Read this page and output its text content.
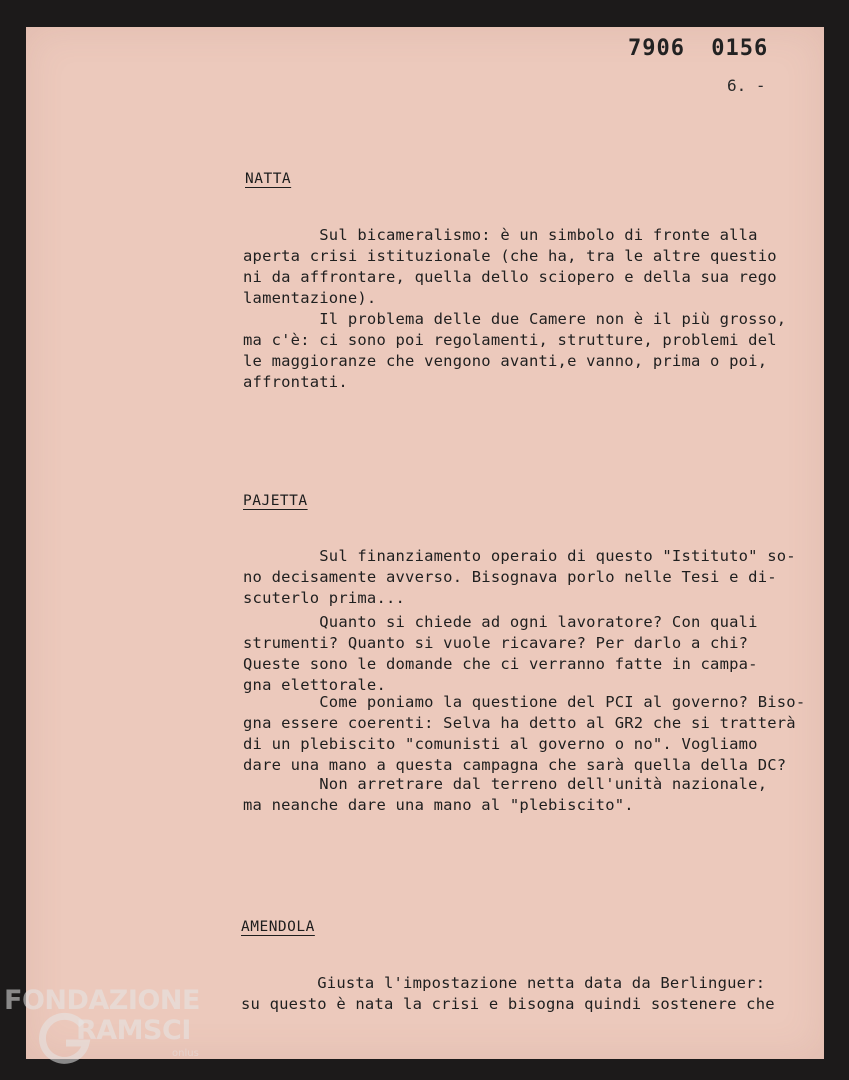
7906 0156
6. -
NATTA
Sul bicameralismo: è un simbolo di fronte alla
aperta crisi istituzionale (che ha, tra le altre questio
ni da affrontare, quella dello sciopero e della sua rego
lamentazione).
Il problema delle due Camere non è il più grosso,
ma c'è: ci sono poi regolamenti, strutture, problemi del
le maggioranze che vengono avanti,e vanno, prima o poi,
affrontati.
PAJETTA
Sul finanziamento operaio di questo "Istituto" so-
no decisamente avverso. Bisognava porlo nelle Tesi e di-
scuterlo prima...
Quanto si chiede ad ogni lavoratore? Con quali
strumenti? Quanto si vuole ricavare? Per darlo a chi?
Queste sono le domande che ci verranno fatte in campa-
gna elettorale.
Come poniamo la questione del PCI al governo? Biso-
gna essere coerenti: Selva ha detto al GR2 che si tratterà
di un plebiscito "comunisti al governo o no". Vogliamo
dare una mano a questa campagna che sarà quella della DC?
Non arretrare dal terreno dell'unità nazionale,
ma neanche dare una mano al "plebiscito".
AMENDOLA
Giusta l'impostazione netta data da Berlinguer:
su questo è nata la crisi e bisogna quindi sostenere che
FONDAZIONE
RAMSCI
onlus
